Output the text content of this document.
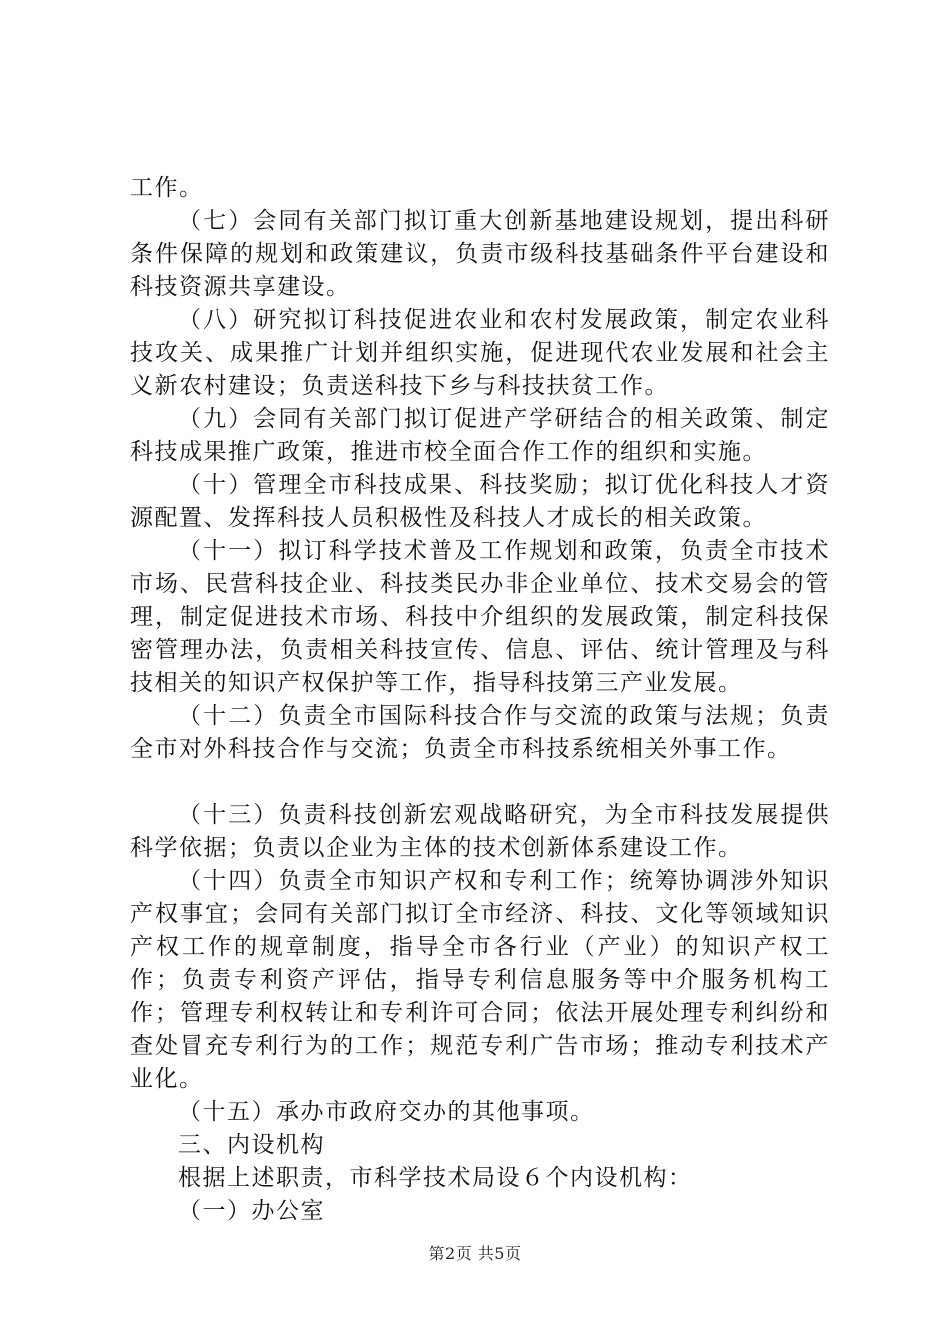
工作。

（七）会同有关部门拟订重大创新基地建设规划，提出科研条件保障的规划和政策建议，负责市级科技基础条件平台建设和科技资源共享建设。

（八）研究拟订科技促进农业和农村发展政策，制定农业科技攻关、成果推广计划并组织实施，促进现代农业发展和社会主义新农村建设；负责送科技下乡与科技扶贫工作。

（九）会同有关部门拟订促进产学研结合的相关政策、制定科技成果推广政策，推进市校全面合作工作的组织和实施。

（十）管理全市科技成果、科技奖励；拟订优化科技人才资源配置、发挥科技人员积极性及科技人才成长的相关政策。

（十一）拟订科学技术普及工作规划和政策，负责全市技术市场、民营科技企业、科技类民办非企业单位、技术交易会的管理，制定促进技术市场、科技中介组织的发展政策，制定科技保密管理办法，负责相关科技宣传、信息、评估、统计管理及与科技相关的知识产权保护等工作，指导科技第三产业发展。

（十二）负责全市国际科技合作与交流的政策与法规；负责全市对外科技合作与交流；负责全市科技系统相关外事工作。

（十三）负责科技创新宏观战略研究，为全市科技发展提供科学依据；负责以企业为主体的技术创新体系建设工作。

（十四）负责全市知识产权和专利工作；统筹协调涉外知识产权事宜；会同有关部门拟订全市经济、科技、文化等领域知识产权工作的规章制度，指导全市各行业（产业）的知识产权工作；负责专利资产评估，指导专利信息服务等中介服务机构工作；管理专利权转让和专利许可合同；依法开展处理专利纠纷和查处冒充专利行为的工作；规范专利广告市场；推动专利技术产业化。

（十五）承办市政府交办的其他事项。

三、内设机构

根据上述职责，市科学技术局设６个内设机构：

（一）办公室

第2页 共5页
